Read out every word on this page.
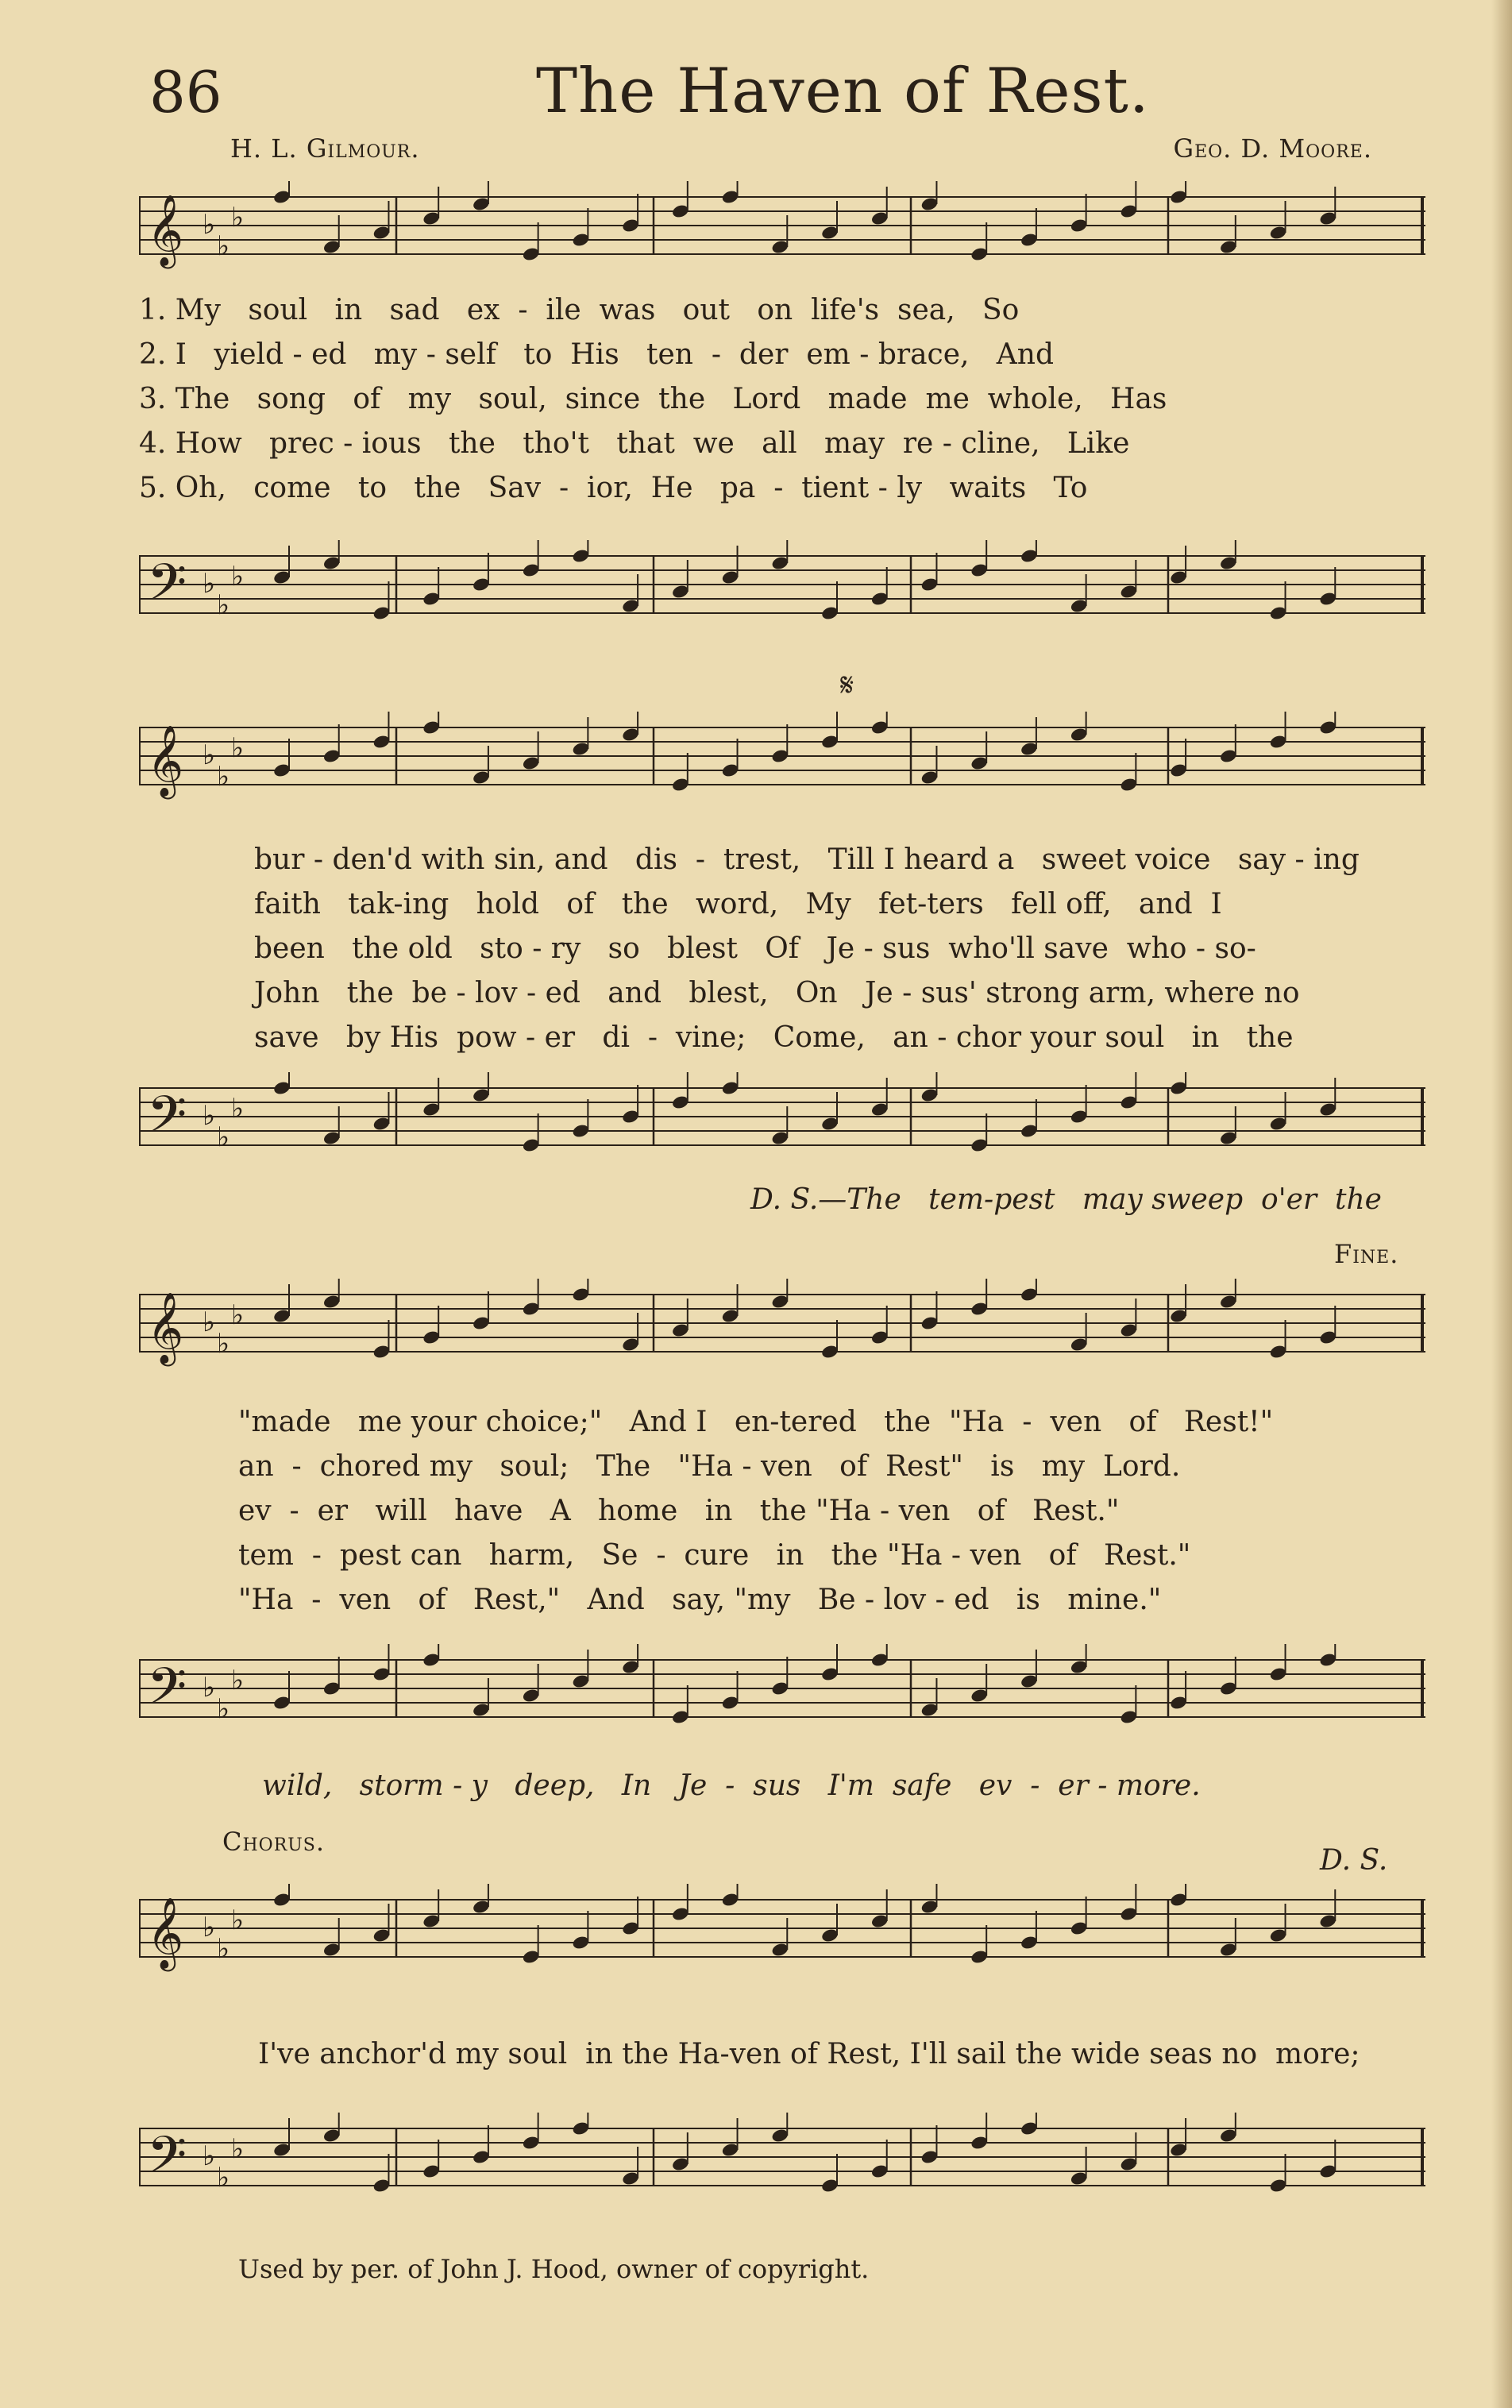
86	The Haven of Rest.
H. L. Gilmour.	Geo. D. Moore.
𝄞 ♭
♭
♭
1. My   soul   in   sad   ex  -  ile  was   out   on  life's  sea,   So
2. I   yield - ed   my - self   to  His   ten  -  der  em - brace,   And
3. The   song   of   my   soul,  since  the   Lord   made  me  whole,   Has
4. How   prec - ious   the   tho't   that  we   all   may  re - cline,   Like
5. Oh,   come   to   the   Sav  -  ior,  He   pa  -  tient - ly   waits   To
𝄢 ♭
♭
♭
𝄋
𝄞 ♭
♭
♭
bur - den'd with sin, and   dis  -  trest,   Till I heard a   sweet voice   say - ing
faith   tak-ing   hold   of   the   word,   My   fet-ters   fell off,   and  I
been   the old   sto - ry   so   blest   Of   Je - sus  who'll save  who - so-
John   the  be - lov - ed   and   blest,   On   Je - sus' strong arm, where no
save   by His  pow - er   di  -  vine;   Come,   an - chor your soul   in   the
𝄢 ♭
♭
♭
D. S.—The   tem-pest   may sweep  o'er  the
Fine.
𝄞 ♭
♭
♭
"made   me your choice;"   And I   en-tered   the  "Ha  -  ven   of   Rest!"
an  -  chored my   soul;   The   "Ha - ven   of  Rest"   is   my  Lord.
ev  -  er   will   have   A   home   in   the "Ha - ven   of   Rest."
tem  -  pest can   harm,   Se  -  cure   in   the "Ha - ven   of   Rest."
"Ha  -  ven   of   Rest,"   And   say, "my   Be - lov - ed   is   mine."
𝄢 ♭
♭
♭
wild,   storm - y   deep,   In   Je  -  sus   I'm  safe   ev  -  er - more.
Chorus.
D. S.
𝄞 ♭
♭
♭
I've anchor'd my soul  in the Ha-ven of Rest, I'll sail the wide seas no  more;
𝄢 ♭
♭
♭
Used by per. of John J. Hood, owner of copyright.
